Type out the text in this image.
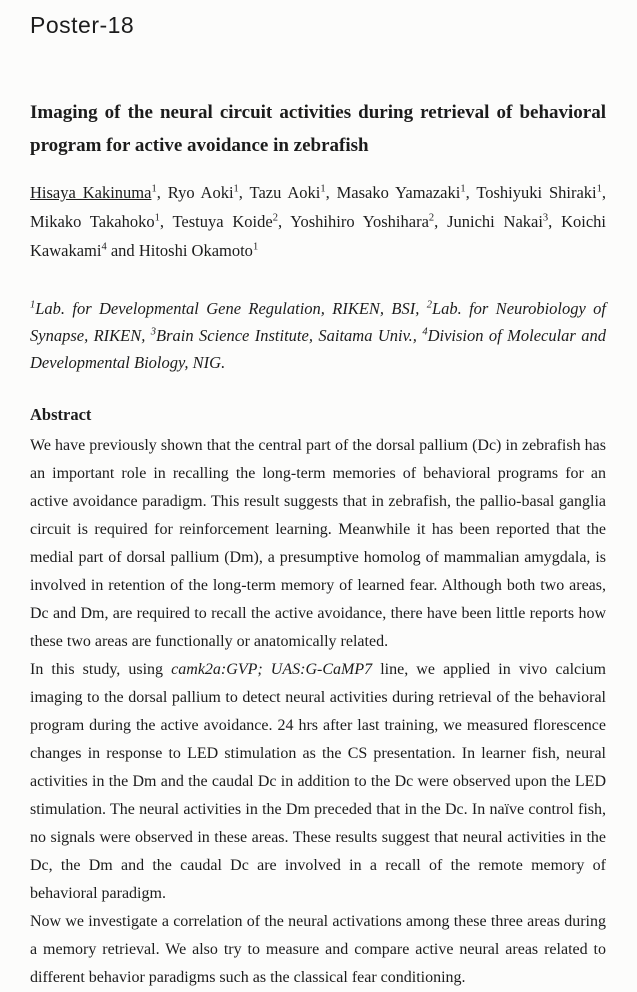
Poster-18
Imaging of the neural circuit activities during retrieval of behavioral program for active avoidance in zebrafish

Hisaya Kakinuma$^1$, Ryo Aoki$^1$, Tazu Aoki$^1$, Masako Yamazaki$^1$, Toshiyuki Shiraki$^1$, Mikako Takahoko$^1$, Testuya Koide$^2$, Yoshihiro Yoshihara$^2$, Junichi Nakai$^3$, Koichi Kawakami$^4$ and Hitoshi Okamoto$^1$

$^1$Lab. for Developmental Gene Regulation, RIKEN, BSI, $^2$Lab. for Neurobiology of Synapse, RIKEN, $^3$Brain Science Institute, Saitama Univ., $^4$Division of Molecular and Developmental Biology, NIG.

Abstract

We have previously shown that the central part of the dorsal pallium (Dc) in zebrafish has an important role in recalling the long-term memories of behavioral programs for an active avoidance paradigm. This result suggests that in zebrafish, the pallio-basal ganglia circuit is required for reinforcement learning. Meanwhile it has been reported that the medial part of dorsal pallium (Dm), a presumptive homolog of mammalian amygdala, is involved in retention of the long-term memory of learned fear. Although both two areas, Dc and Dm, are required to recall the active avoidance, there have been little reports how these two areas are functionally or anatomically related.

In this study, using camk2a:GVP; UAS:G-CaMP7 line, we applied in vivo calcium imaging to the dorsal pallium to detect neural activities during retrieval of the behavioral program during the active avoidance. 24 hrs after last training, we measured florescence changes in response to LED stimulation as the CS presentation. In learner fish, neural activities in the Dm and the caudal Dc in addition to the Dc were observed upon the LED stimulation. The neural activities in the Dm preceded that in the Dc. In naïve control fish, no signals were observed in these areas. These results suggest that neural activities in the Dc, the Dm and the caudal Dc are involved in a recall of the remote memory of behavioral paradigm.

Now we investigate a correlation of the neural activations among these three areas during a memory retrieval. We also try to measure and compare active neural areas related to different behavior paradigms such as the classical fear conditioning.
